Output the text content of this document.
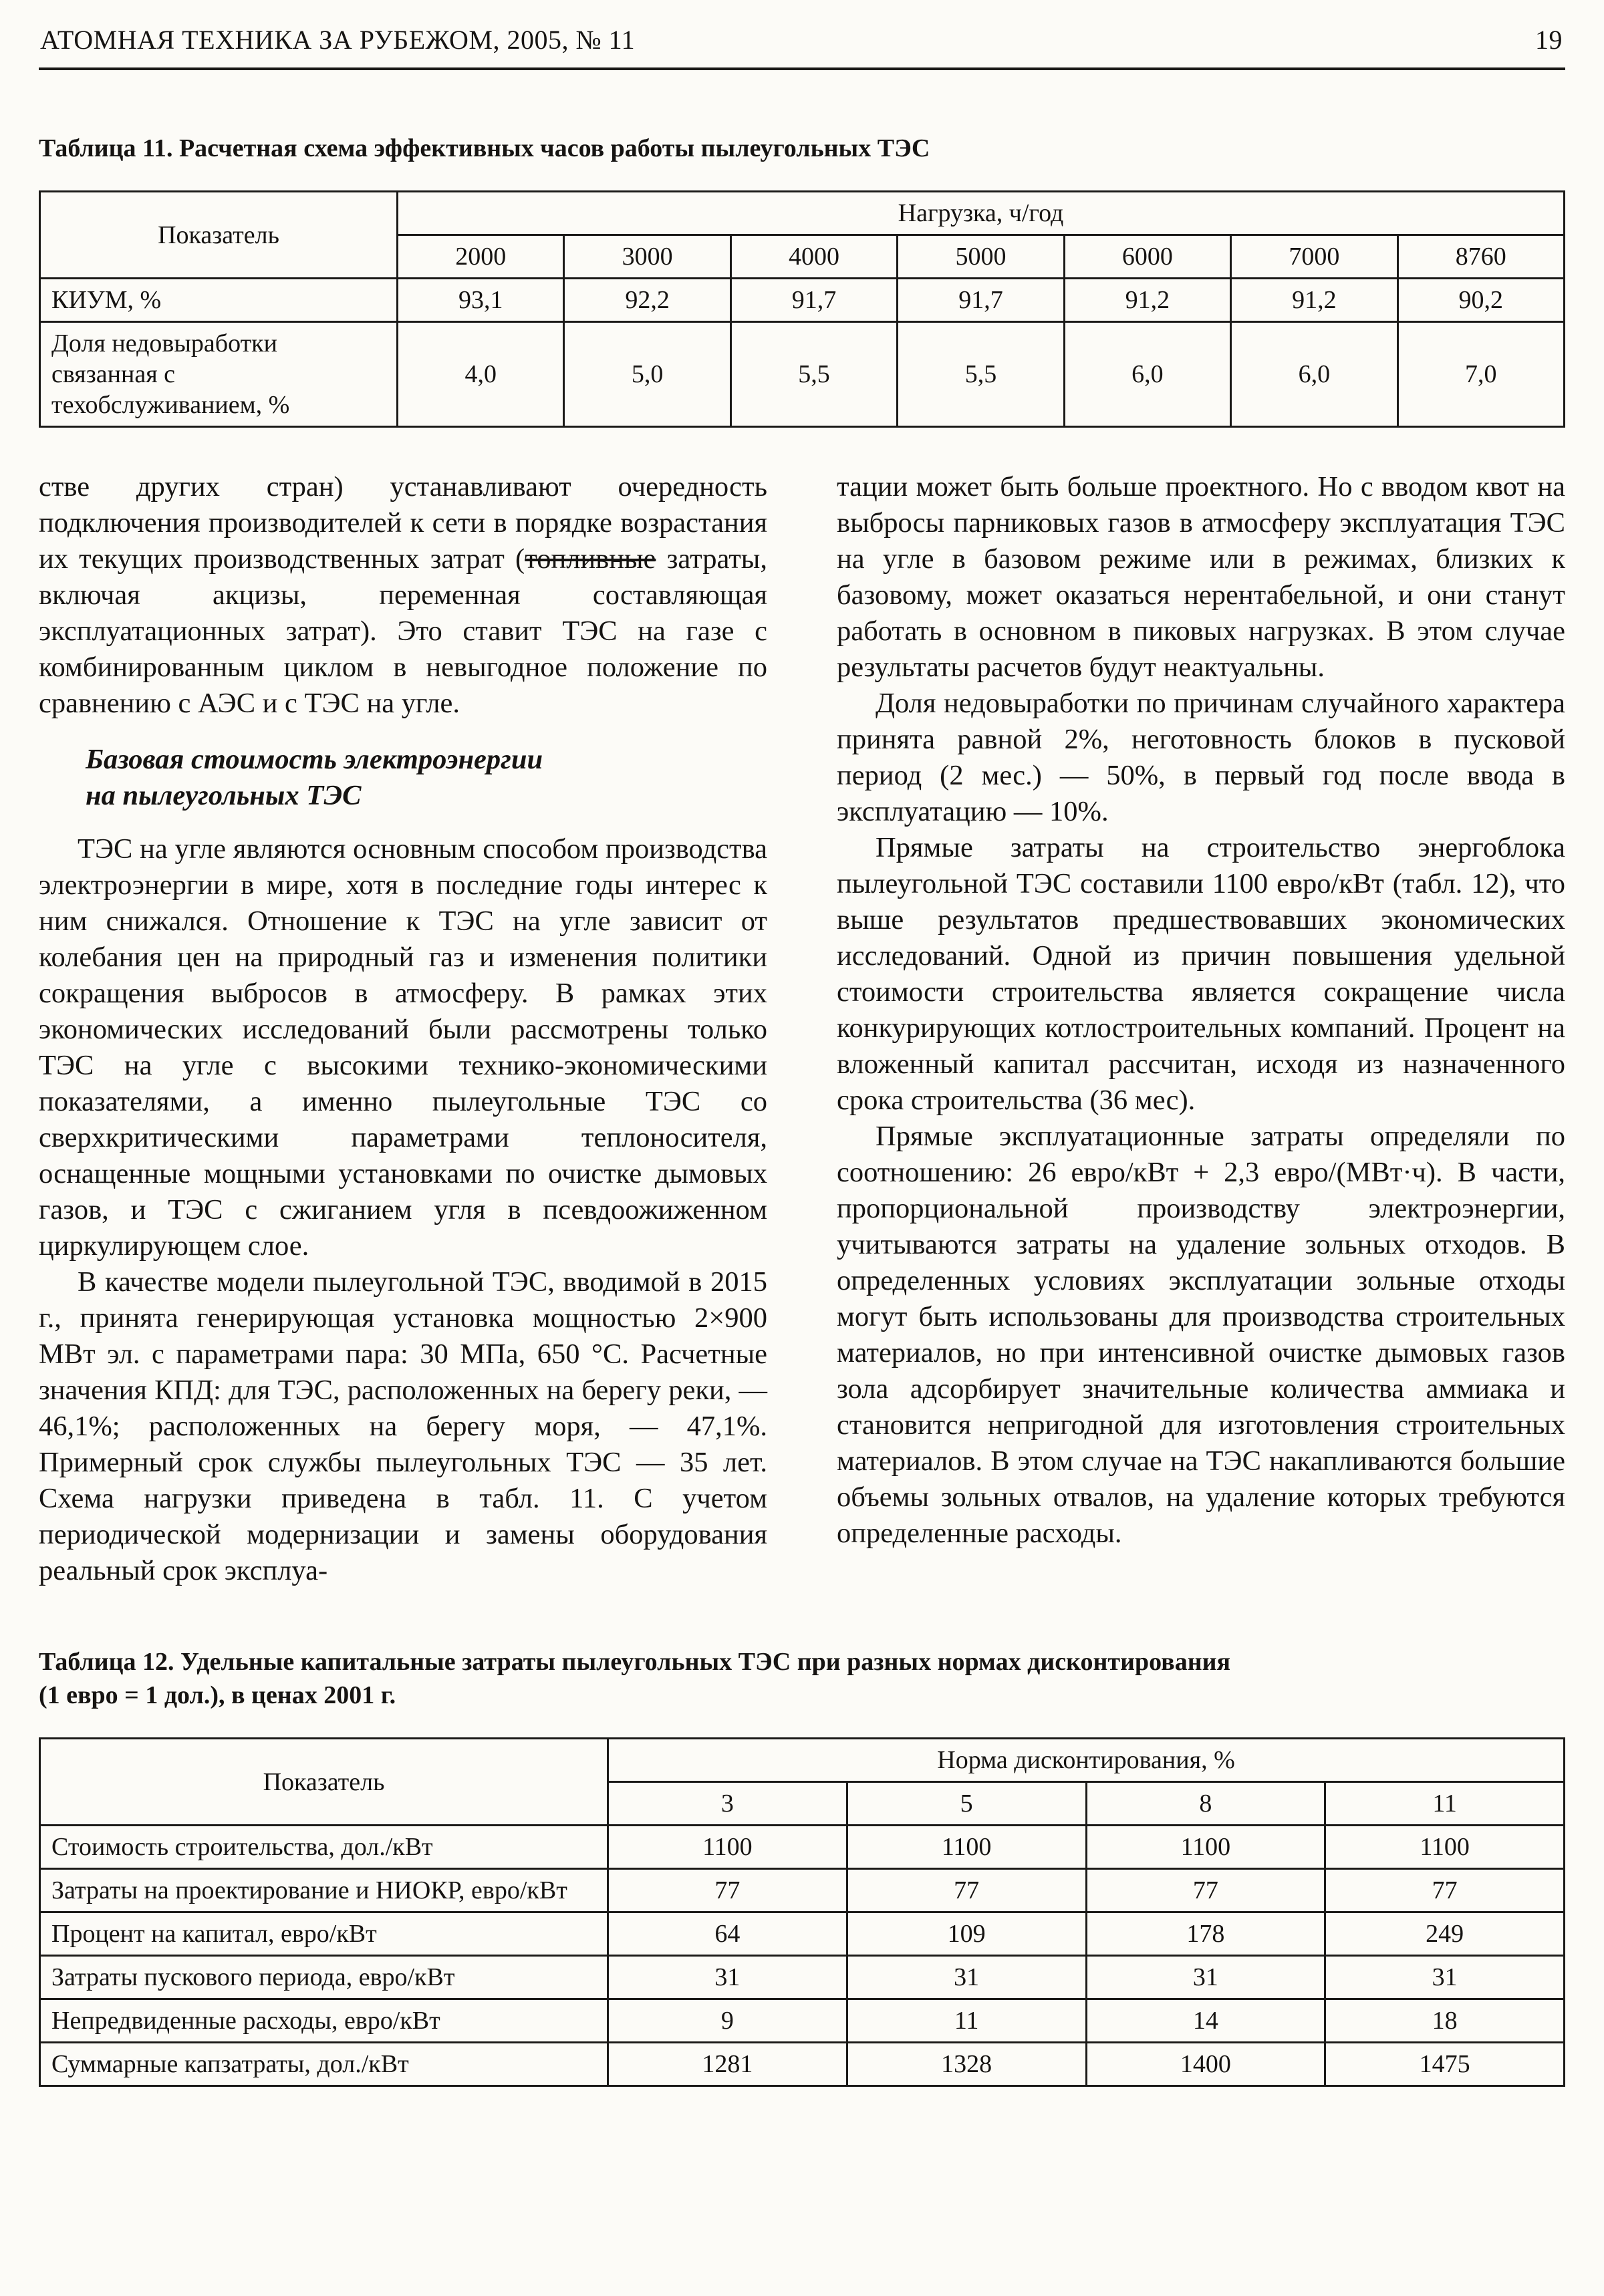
АТОМНАЯ ТЕХНИКА ЗА РУБЕЖОМ, 2005, № 11	19
Таблица 11. Расчетная схема эффективных часов работы пылеугольных ТЭС
Показатель	Нагрузка, ч/год						
	2000	3000	4000	5000	6000	7000	8760
КИУМ, %	93,1	92,2	91,7	91,7	91,2	91,2	90,2
Доля недовыработки связанная с техобслуживанием, %	4,0	5,0	5,5	5,5	6,0	6,0	7,0

стве других стран) устанавливают очередность подключения производителей к сети в порядке возрастания их текущих производственных затрат (топливные затраты, включая акцизы, переменная составляющая эксплуатационных затрат). Это ставит ТЭС на газе с комбинированным циклом в невыгодное положение по сравнению с АЭС и с ТЭС на угле.

Базовая стоимость электроэнергии
на пылеугольных ТЭС

ТЭС на угле являются основным способом производства электроэнергии в мире, хотя в последние годы интерес к ним снижался. Отношение к ТЭС на угле зависит от колебания цен на природный газ и изменения политики сокращения выбросов в атмосферу. В рамках этих экономических исследований были рассмотрены только ТЭС на угле с высокими технико-экономическими показателями, а именно пылеугольные ТЭС со сверхкритическими параметрами теплоносителя, оснащенные мощными установками по очистке дымовых газов, и ТЭС с сжиганием угля в псевдоожиженном циркулирующем слое.

В качестве модели пылеугольной ТЭС, вводимой в 2015 г., принята генерирующая установка мощностью 2×900 МВт эл. с параметрами пара: 30 МПа, 650 °С. Расчетные значения КПД: для ТЭС, расположенных на берегу реки, — 46,1%; расположенных на берегу моря, — 47,1%. Примерный срок службы пылеугольных ТЭС — 35 лет. Схема нагрузки приведена в табл. 11. С учетом периодической модернизации и замены оборудования реальный срок эксплуа-

тации может быть больше проектного. Но с вводом квот на выбросы парниковых газов в атмосферу эксплуатация ТЭС на угле в базовом режиме или в режимах, близких к базовому, может оказаться нерентабельной, и они станут работать в основном в пиковых нагрузках. В этом случае результаты расчетов будут неактуальны.

Доля недовыработки по причинам случайного характера принята равной 2%, неготовность блоков в пусковой период (2 мес.) — 50%, в первый год после ввода в эксплуатацию — 10%.

Прямые затраты на строительство энергоблока пылеугольной ТЭС составили 1100 евро/кВт (табл. 12), что выше результатов предшествовавших экономических исследований. Одной из причин повышения удельной стоимости строительства является сокращение числа конкурирующих котлостроительных компаний. Процент на вложенный капитал рассчитан, исходя из назначенного срока строительства (36 мес).

Прямые эксплуатационные затраты определяли по соотношению: 26 евро/кВт + 2,3 евро/(МВт·ч). В части, пропорциональной производству электроэнергии, учитываются затраты на удаление зольных отходов. В определенных условиях эксплуатации зольные отходы могут быть использованы для производства строительных материалов, но при интенсивной очистке дымовых газов зола адсорбирует значительные количества аммиака и становится непригодной для изготовления строительных материалов. В этом случае на ТЭС накапливаются большие объемы зольных отвалов, на удаление которых требуются определенные расходы.

Таблица 12. Удельные капитальные затраты пылеугольных ТЭС при разных нормах дисконтирования
(1 евро = 1 дол.), в ценах 2001 г.
Показатель	Норма дисконтирования, %			
	3	5	8	11
Стоимость строительства, дол./кВт	1100	1100	1100	1100
Затраты на проектирование и НИОКР, евро/кВт	77	77	77	77
Процент на капитал, евро/кВт	64	109	178	249
Затраты пускового периода, евро/кВт	31	31	31	31
Непредвиденные расходы, евро/кВт	9	11	14	18
Суммарные капзатраты, дол./кВт	1281	1328	1400	1475
